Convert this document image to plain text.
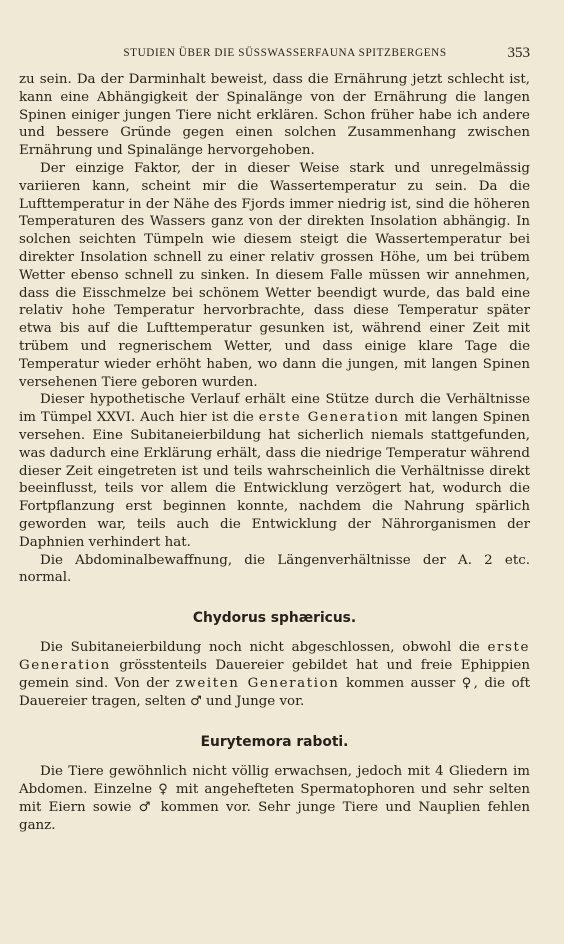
STUDIEN ÜBER DIE SÜSSWASSERFAUNA SPITZBERGENS	353

zu sein. Da der Darminhalt beweist, dass die Ernährung jetzt schlecht ist, kann eine Abhängigkeit der Spinalänge von der Ernährung die langen Spinen einiger jungen Tiere nicht erklären. Schon früher habe ich andere und bessere Gründe gegen einen solchen Zusammenhang zwischen Ernährung und Spinalänge hervorgehoben.

Der einzige Faktor, der in dieser Weise stark und unregelmässig variieren kann, scheint mir die Wassertemperatur zu sein. Da die Lufttemperatur in der Nähe des Fjords immer niedrig ist, sind die höheren Temperaturen des Wassers ganz von der direkten Insolation abhängig. In solchen seichten Tümpeln wie diesem steigt die Wassertemperatur bei direkter Insolation schnell zu einer relativ grossen Höhe, um bei trübem Wetter ebenso schnell zu sinken. In diesem Falle müssen wir annehmen, dass die Eisschmelze bei schönem Wetter beendigt wurde, das bald eine relativ hohe Temperatur hervorbrachte, dass diese Temperatur später etwa bis auf die Lufttemperatur gesunken ist, während einer Zeit mit trübem und regnerischem Wetter, und dass einige klare Tage die Temperatur wieder erhöht haben, wo dann die jungen, mit langen Spinen versehenen Tiere geboren wurden.

Dieser hypothetische Verlauf erhält eine Stütze durch die Verhältnisse im Tümpel XXVI. Auch hier ist die erste Generation mit langen Spinen versehen. Eine Subitaneierbildung hat sicherlich niemals stattgefunden, was dadurch eine Erklärung erhält, dass die niedrige Temperatur während dieser Zeit eingetreten ist und teils wahrscheinlich die Verhältnisse direkt beeinflusst, teils vor allem die Entwicklung verzögert hat, wodurch die Fortpflanzung erst beginnen konnte, nachdem die Nahrung spärlich geworden war, teils auch die Entwicklung der Nährorganismen der Daphnien verhindert hat.

Die Abdominalbewaffnung, die Längenverhältnisse der A. 2 etc. normal.

Chydorus sphæricus.

Die Subitaneierbildung noch nicht abgeschlossen, obwohl die erste Generation grösstenteils Dauereier gebildet hat und freie Ephippien gemein sind. Von der zweiten Generation kommen ausser ♀, die oft Dauereier tragen, selten ♂ und Junge vor.

Eurytemora raboti.

Die Tiere gewöhnlich nicht völlig erwachsen, jedoch mit 4 Gliedern im Abdomen. Einzelne ♀ mit angehefteten Spermatophoren und sehr selten mit Eiern sowie ♂ kommen vor. Sehr junge Tiere und Nauplien fehlen ganz.
